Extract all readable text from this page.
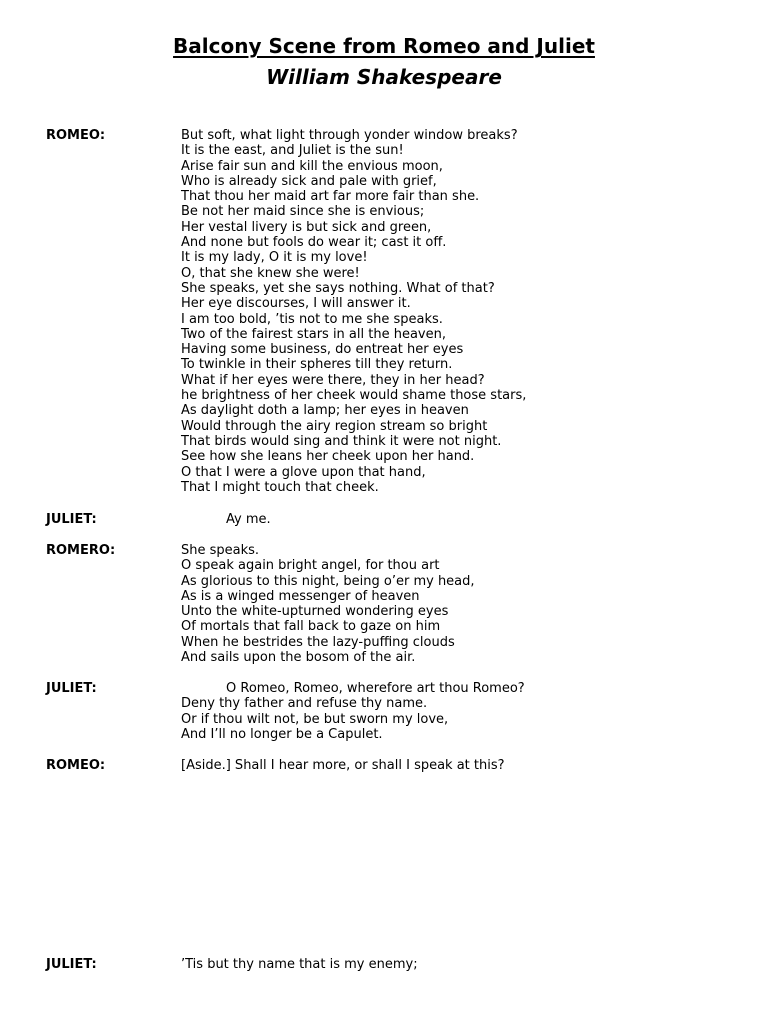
Balcony Scene from Romeo and Juliet
William Shakespeare
ROMEO:	But soft, what light through yonder window breaks?
It is the east, and Juliet is the sun!
Arise fair sun and kill the envious moon,
Who is already sick and pale with grief,
That thou her maid art far more fair than she.
Be not her maid since she is envious;
Her vestal livery is but sick and green,
And none but fools do wear it; cast it off.
It is my lady, O it is my love!
O, that she knew she were!
She speaks, yet she says nothing. What of that?
Her eye discourses, I will answer it.
I am too bold, ’tis not to me she speaks.
Two of the fairest stars in all the heaven,
Having some business, do entreat her eyes
To twinkle in their spheres till they return.
What if her eyes were there, they in her head?
he brightness of her cheek would shame those stars,
As daylight doth a lamp; her eyes in heaven
Would through the airy region stream so bright
That birds would sing and think it were not night.
See how she leans her cheek upon her hand.
O that I were a glove upon that hand,
That I might touch that cheek.
JULIET:	Ay me.
ROMERO:	She speaks.
O speak again bright angel, for thou art
As glorious to this night, being o’er my head,
As is a winged messenger of heaven
Unto the white-upturned wondering eyes
Of mortals that fall back to gaze on him
When he bestrides the lazy-puffing clouds
And sails upon the bosom of the air.
JULIET:	O Romeo, Romeo, wherefore art thou Romeo?
Deny thy father and refuse thy name.
Or if thou wilt not, be but sworn my love,
And I’ll no longer be a Capulet.
ROMEO:	[Aside.] Shall I hear more, or shall I speak at this?
JULIET:	’Tis but thy name that is my enemy;
